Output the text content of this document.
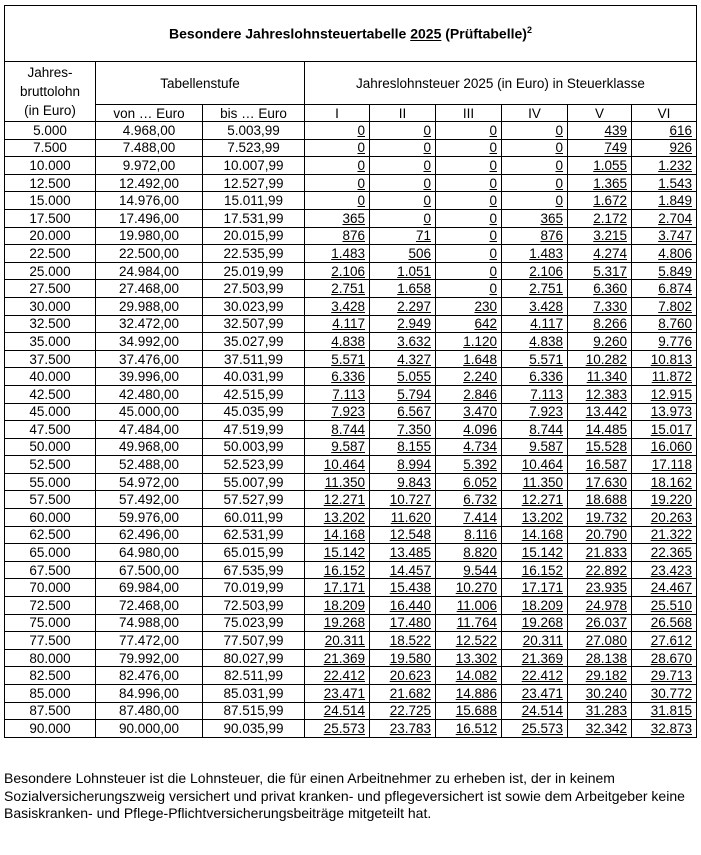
Besondere Jahreslohnsteuertabelle 2025 (Prüftabelle)$^2$
Jahres-
bruttolohn
(in Euro)	Tabellenstufe		Jahreslohnsteuer 2025 (in Euro) in Steuerklasse					
	von … Euro	bis … Euro	I	II	III	IV	V	VI
5.000	4.968,00	5.003,99	0	0	0	0	439	616
7.500	7.488,00	7.523,99	0	0	0	0	749	926
10.000	9.972,00	10.007,99	0	0	0	0	1.055	1.232
12.500	12.492,00	12.527,99	0	0	0	0	1.365	1.543
15.000	14.976,00	15.011,99	0	0	0	0	1.672	1.849
17.500	17.496,00	17.531,99	365	0	0	365	2.172	2.704
20.000	19.980,00	20.015,99	876	71	0	876	3.215	3.747
22.500	22.500,00	22.535,99	1.483	506	0	1.483	4.274	4.806
25.000	24.984,00	25.019,99	2.106	1.051	0	2.106	5.317	5.849
27.500	27.468,00	27.503,99	2.751	1.658	0	2.751	6.360	6.874
30.000	29.988,00	30.023,99	3.428	2.297	230	3.428	7.330	7.802
32.500	32.472,00	32.507,99	4.117	2.949	642	4.117	8.266	8.760
35.000	34.992,00	35.027,99	4.838	3.632	1.120	4.838	9.260	9.776
37.500	37.476,00	37.511,99	5.571	4.327	1.648	5.571	10.282	10.813
40.000	39.996,00	40.031,99	6.336	5.055	2.240	6.336	11.340	11.872
42.500	42.480,00	42.515,99	7.113	5.794	2.846	7.113	12.383	12.915
45.000	45.000,00	45.035,99	7.923	6.567	3.470	7.923	13.442	13.973
47.500	47.484,00	47.519,99	8.744	7.350	4.096	8.744	14.485	15.017
50.000	49.968,00	50.003,99	9.587	8.155	4.734	9.587	15.528	16.060
52.500	52.488,00	52.523,99	10.464	8.994	5.392	10.464	16.587	17.118
55.000	54.972,00	55.007,99	11.350	9.843	6.052	11.350	17.630	18.162
57.500	57.492,00	57.527,99	12.271	10.727	6.732	12.271	18.688	19.220
60.000	59.976,00	60.011,99	13.202	11.620	7.414	13.202	19.732	20.263
62.500	62.496,00	62.531,99	14.168	12.548	8.116	14.168	20.790	21.322
65.000	64.980,00	65.015,99	15.142	13.485	8.820	15.142	21.833	22.365
67.500	67.500,00	67.535,99	16.152	14.457	9.544	16.152	22.892	23.423
70.000	69.984,00	70.019,99	17.171	15.438	10.270	17.171	23.935	24.467
72.500	72.468,00	72.503,99	18.209	16.440	11.006	18.209	24.978	25.510
75.000	74.988,00	75.023,99	19.268	17.480	11.764	19.268	26.037	26.568
77.500	77.472,00	77.507,99	20.311	18.522	12.522	20.311	27.080	27.612
80.000	79.992,00	80.027,99	21.369	19.580	13.302	21.369	28.138	28.670
82.500	82.476,00	82.511,99	22.412	20.623	14.082	22.412	29.182	29.713
85.000	84.996,00	85.031,99	23.471	21.682	14.886	23.471	30.240	30.772
87.500	87.480,00	87.515,99	24.514	22.725	15.688	24.514	31.283	31.815
90.000	90.000,00	90.035,99	25.573	23.783	16.512	25.573	32.342	32.873
Besondere Lohnsteuer ist die Lohnsteuer, die für einen Arbeitnehmer zu erheben ist, der in keinem Sozialversicherungszweig versichert und privat kranken- und pflegeversichert ist sowie dem Arbeitgeber keine Basiskranken- und Pflege-Pflichtversicherungsbeiträge mitgeteilt hat.
